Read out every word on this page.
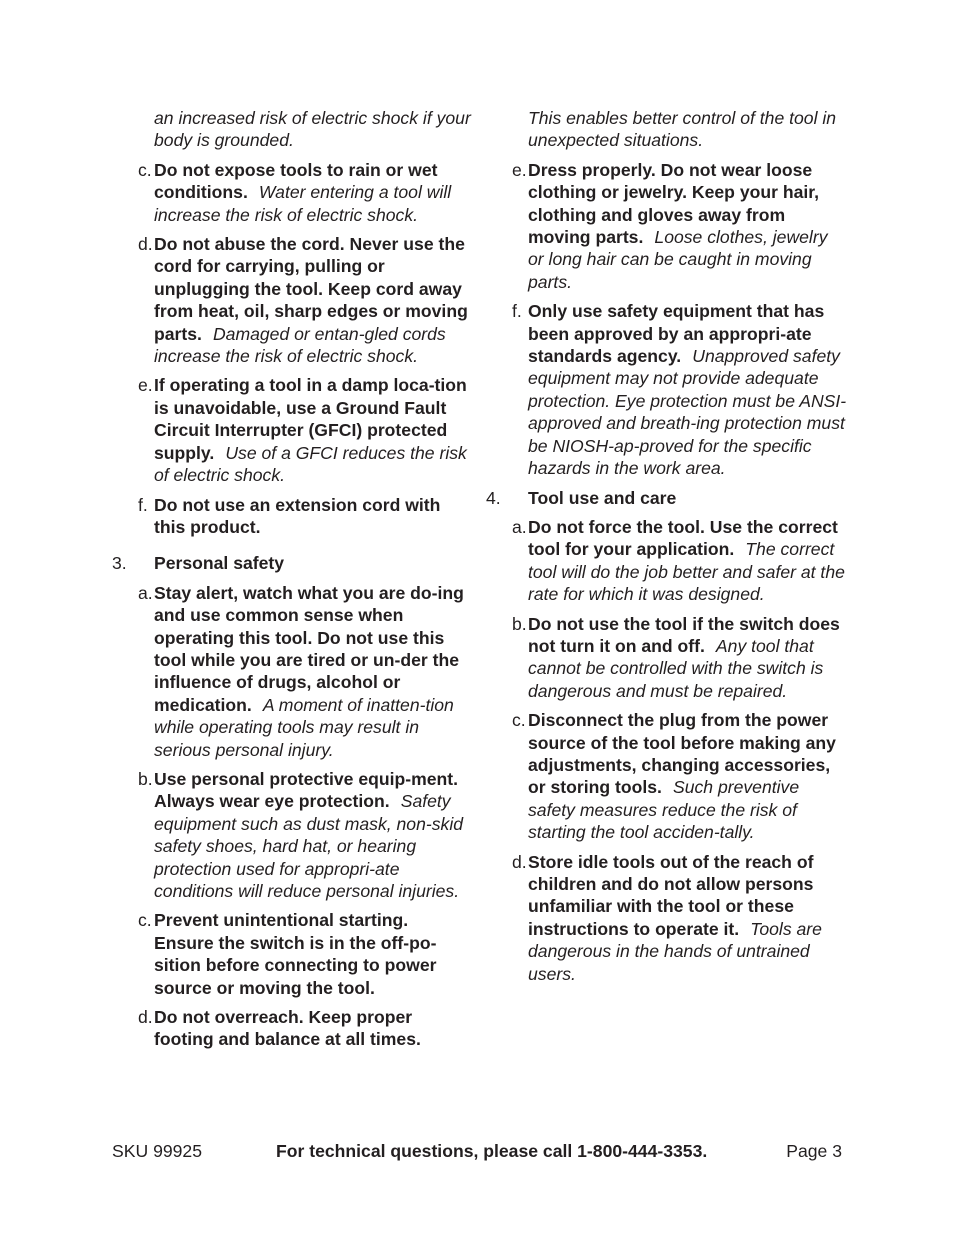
an increased risk of electric shock if your body is grounded.
c. Do not expose tools to rain or wet conditions. Water entering a tool will increase the risk of electric shock.
d. Do not abuse the cord. Never use the cord for carrying, pulling or unplugging the tool. Keep cord away from heat, oil, sharp edges or moving parts. Damaged or entan-gled cords increase the risk of electric shock.
e. If operating a tool in a damp loca-tion is unavoidable, use a Ground Fault Circuit Interrupter (GFCI) protected supply. Use of a GFCI reduces the risk of electric shock.
f. Do not use an extension cord with this product.
3. Personal safety
a. Stay alert, watch what you are do-ing and use common sense when operating this tool. Do not use this tool while you are tired or un-der the influence of drugs, alcohol or medication. A moment of inatten-tion while operating tools may result in serious personal injury.
b. Use personal protective equip-ment. Always wear eye protection. Safety equipment such as dust mask, non-skid safety shoes, hard hat, or hearing protection used for appropri-ate conditions will reduce personal injuries.
c. Prevent unintentional starting. Ensure the switch is in the off-po-sition before connecting to power source or moving the tool.
d. Do not overreach. Keep proper footing and balance at all times.
This enables better control of the tool in unexpected situations.
e. Dress properly. Do not wear loose clothing or jewelry. Keep your hair, clothing and gloves away from moving parts. Loose clothes, jewelry or long hair can be caught in moving parts.
f. Only use safety equipment that has been approved by an appropri-ate standards agency. Unapproved safety equipment may not provide adequate protection. Eye protection must be ANSI-approved and breath-ing protection must be NIOSH-ap-proved for the specific hazards in the work area.
4. Tool use and care
a. Do not force the tool. Use the correct tool for your application. The correct tool will do the job better and safer at the rate for which it was designed.
b. Do not use the tool if the switch does not turn it on and off. Any tool that cannot be controlled with the switch is dangerous and must be repaired.
c. Disconnect the plug from the power source of the tool before making any adjustments, changing accessories, or storing tools. Such preventive safety measures reduce the risk of starting the tool acciden-tally.
d. Store idle tools out of the reach of children and do not allow persons unfamiliar with the tool or these instructions to operate it. Tools are dangerous in the hands of untrained users.
SKU 99925	For technical questions, please call 1-800-444-3353.	Page 3
